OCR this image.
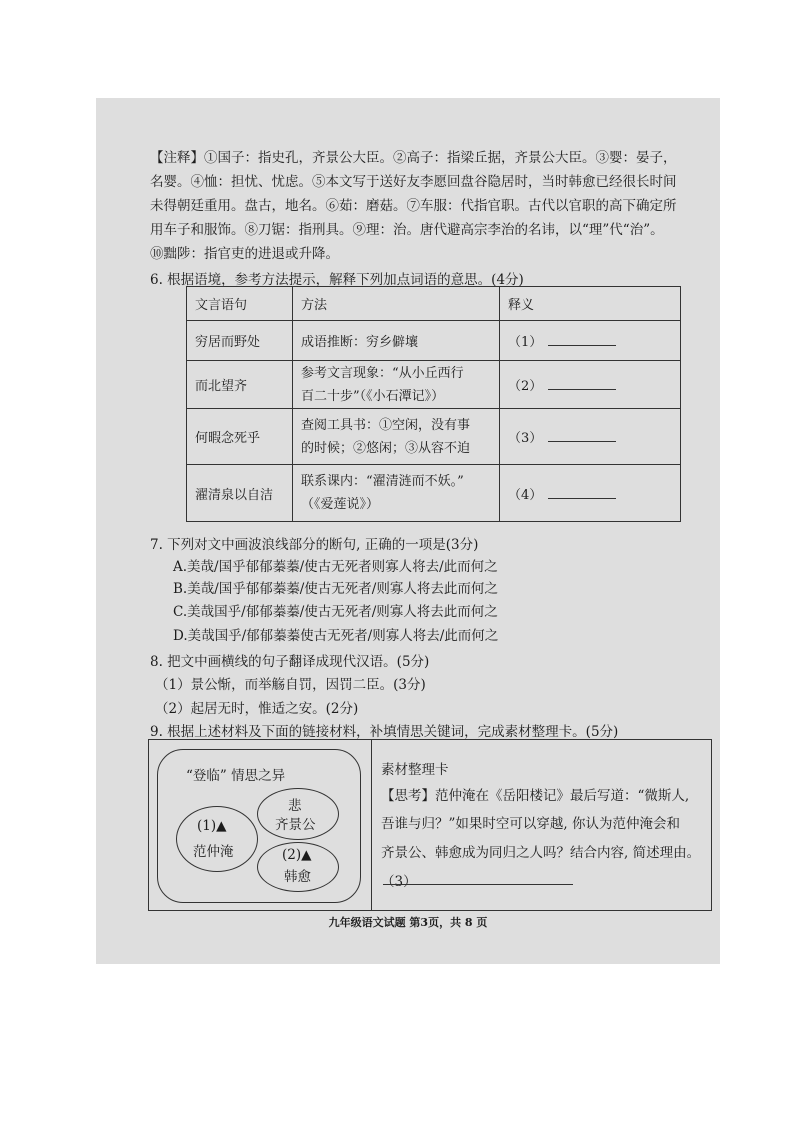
【注释】①国子：指史孔，齐景公大臣。②高子：指梁丘据，齐景公大臣。③婴：晏子，

名婴。④恤：担忧、忧虑。⑤本文写于送好友李愿回盘谷隐居时，当时韩愈已经很长时间

未得朝廷重用。盘古，地名。⑥茹：磨菇。⑦车服：代指官职。古代以官职的高下确定所

用车子和服饰。⑧刀锯：指刑具。⑨理：治。唐代避高宗李治的名讳，以“理”代“治”。

⑩黜陟：指官吏的进退或升降。

6. 根据语境，参考方法提示，解释下列加点词语的意思。(4分)
文言语句	方法	释义
穷居而野处	成语推断：穷乡僻壤	（1）
而北望齐	参考文言现象：“从小丘西行
百二十步”（《小石潭记》）	（2）
何暇念死乎	查阅工具书：①空闲，没有事
的时候；②悠闲；③从容不迫	（3）
濯清泉以自洁	联系课内：“濯清涟而不妖。”
（《爱莲说》）	（4）
7. 下列对文中画波浪线部分的断句, 正确的一项是(3分)
A.美哉/国乎郁郁蓁蓁/使古无死者则寡人将去/此而何之
B.美哉/国乎郁郁蓁蓁/使古无死者/则寡人将去此而何之
C.美哉国乎/郁郁蓁蓁/使古无死者/则寡人将去此而何之
D.美哉国乎/郁郁蓁蓁使古无死者/则寡人将去/此而何之
8. 把文中画横线的句子翻译成现代汉语。(5分)
（1）景公惭，而举觞自罚，因罚二臣。(3分)
（2）起居无时，惟适之安。(2分)
9. 根据上述材料及下面的链接材料，补填情思关键词，完成素材整理卡。(5分)
“登临” 情思之异
(1)▲
范仲淹
悲
齐景公
(2)▲
韩愈
素材整理卡
【思考】范仲淹在《岳阳楼记》最后写道：“微斯人,
吾谁与归？”如果时空可以穿越, 你认为范仲淹会和
齐景公、韩愈成为同归之人吗？结合内容, 简述理由。
（3）
九年级语文试题 第3页，共 8 页
